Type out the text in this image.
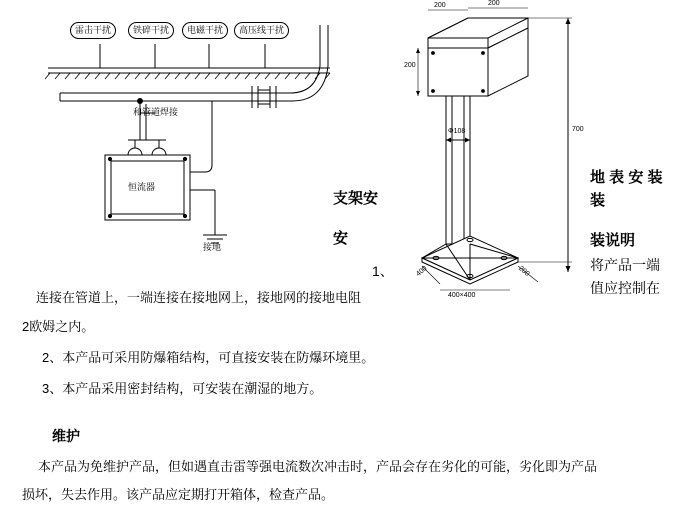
雷击干扰	铁碎干扰	电磁干扰	高压线干扰
和管道焊接
恒流器
接地
200	200
200
Φ108	700
400×400
400	200
支架安
安
地 表 安 装
装
装说明
将产品一端
值应控制在
1、
连接在管道上，一端连接在接地网上，接地网的接地电阻
2欧姆之内。
2、本产品可采用防爆箱结构，可直接安装在防爆环境里。
3、本产品采用密封结构，可安装在潮湿的地方。
维护
本产品为免维护产品，但如遇直击雷等强电流数次冲击时，产品会存在劣化的可能，劣化即为产品
损坏，失去作用。该产品应定期打开箱体，检查产品。
